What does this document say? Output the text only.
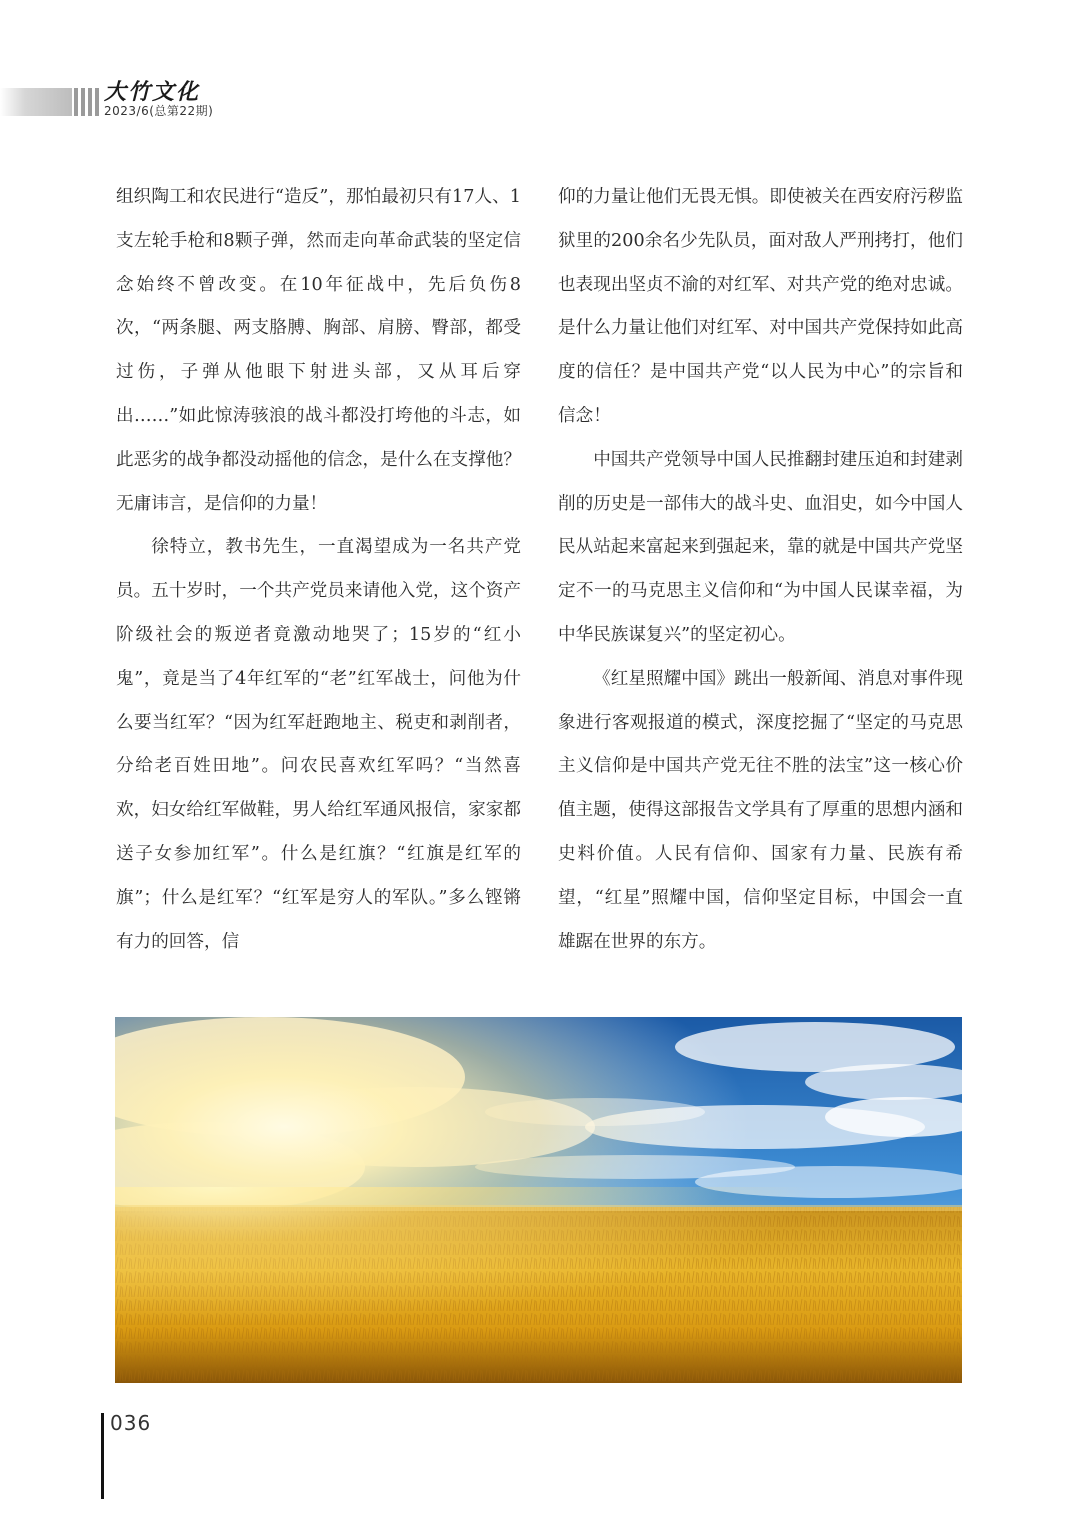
大竹文化
2023/6(总第22期)

组织陶工和农民进行“造反”，那怕最初只有17人、1支左轮手枪和8颗子弹，然而走向革命武装的坚定信念始终不曾改变。在10年征战中，先后负伤8次，“两条腿、两支胳膊、胸部、肩膀、臀部，都受过伤，子弹从他眼下射进头部，又从耳后穿出……”如此惊涛骇浪的战斗都没打垮他的斗志，如此恶劣的战争都没动摇他的信念，是什么在支撑他？无庸讳言，是信仰的力量！

徐特立，教书先生，一直渴望成为一名共产党员。五十岁时，一个共产党员来请他入党，这个资产阶级社会的叛逆者竟激动地哭了；15岁的“红小鬼”，竟是当了4年红军的“老”红军战士，问他为什么要当红军？“因为红军赶跑地主、税吏和剥削者，分给老百姓田地”。问农民喜欢红军吗？“当然喜欢，妇女给红军做鞋，男人给红军通风报信，家家都送子女参加红军”。什么是红旗？“红旗是红军的旗”；什么是红军？“红军是穷人的军队。”多么铿锵有力的回答，信

仰的力量让他们无畏无惧。即使被关在西安府污秽监狱里的200余名少先队员，面对敌人严刑拷打，他们也表现出坚贞不渝的对红军、对共产党的绝对忠诚。是什么力量让他们对红军、对中国共产党保持如此高度的信任？是中国共产党“以人民为中心”的宗旨和信念！

中国共产党领导中国人民推翻封建压迫和封建剥削的历史是一部伟大的战斗史、血泪史，如今中国人民从站起来富起来到强起来，靠的就是中国共产党坚定不一的马克思主义信仰和“为中国人民谋幸福，为中华民族谋复兴”的坚定初心。

《红星照耀中国》跳出一般新闻、消息对事件现象进行客观报道的模式，深度挖掘了“坚定的马克思主义信仰是中国共产党无往不胜的法宝”这一核心价值主题，使得这部报告文学具有了厚重的思想内涵和史料价值。人民有信仰、国家有力量、民族有希望，“红星”照耀中国，信仰坚定目标，中国会一直雄踞在世界的东方。

036
